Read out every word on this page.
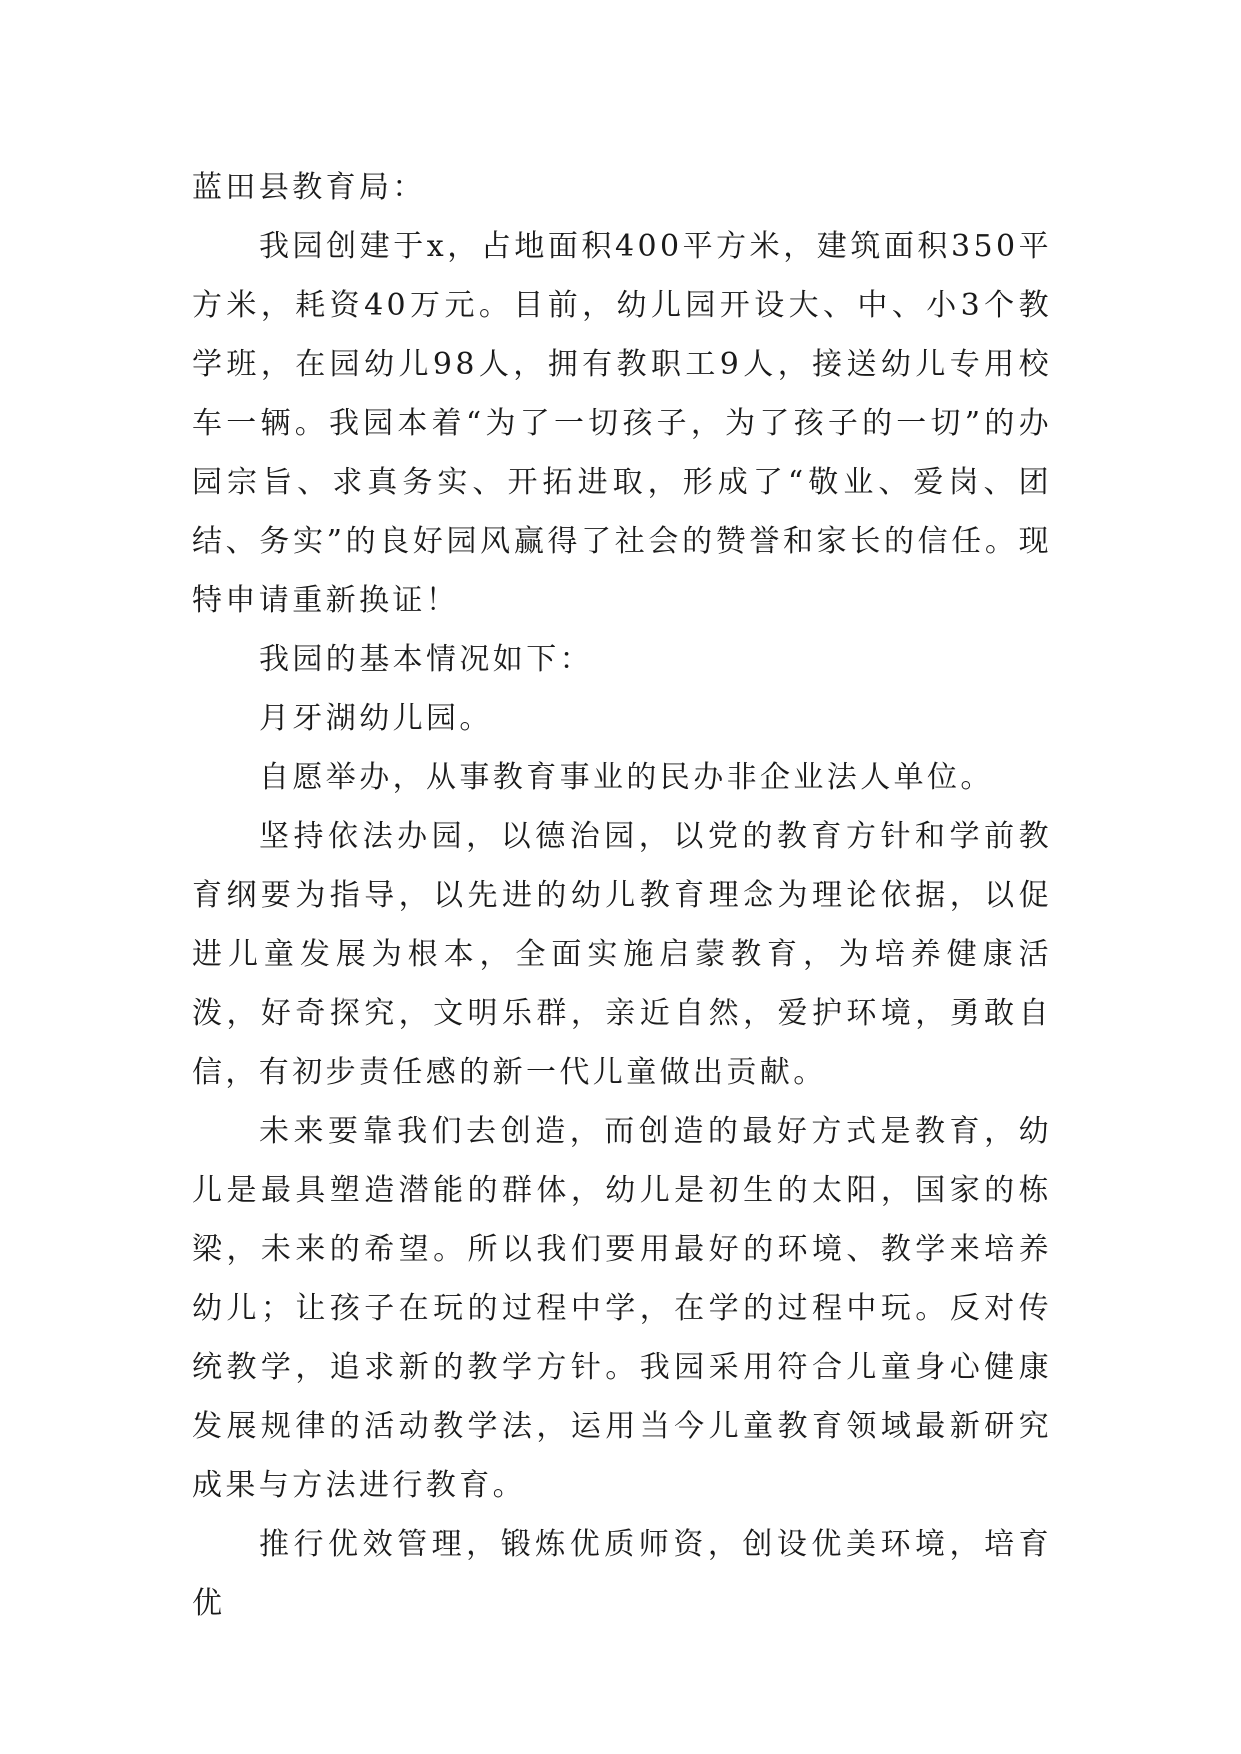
蓝田县教育局：

我园创建于x，占地面积400平方米，建筑面积350平方米，耗资40万元。目前，幼儿园开设大、中、小3个教学班，在园幼儿98人，拥有教职工9人，接送幼儿专用校车一辆。我园本着“为了一切孩子，为了孩子的一切”的办园宗旨、求真务实、开拓进取，形成了“敬业、爱岗、团结、务实”的良好园风赢得了社会的赞誉和家长的信任。现特申请重新换证！

我园的基本情况如下：

月牙湖幼儿园。

自愿举办，从事教育事业的民办非企业法人单位。

坚持依法办园，以德治园，以党的教育方针和学前教育纲要为指导，以先进的幼儿教育理念为理论依据，以促进儿童发展为根本，全面实施启蒙教育，为培养健康活泼，好奇探究，文明乐群，亲近自然，爱护环境，勇敢自信，有初步责任感的新一代儿童做出贡献。

未来要靠我们去创造，而创造的最好方式是教育，幼儿是最具塑造潜能的群体，幼儿是初生的太阳，国家的栋梁，未来的希望。所以我们要用最好的环境、教学来培养幼儿；让孩子在玩的过程中学，在学的过程中玩。反对传统教学，追求新的教学方针。我园采用符合儿童身心健康发展规律的活动教学法，运用当今儿童教育领域最新研究成果与方法进行教育。

推行优效管理，锻炼优质师资，创设优美环境，培育优
